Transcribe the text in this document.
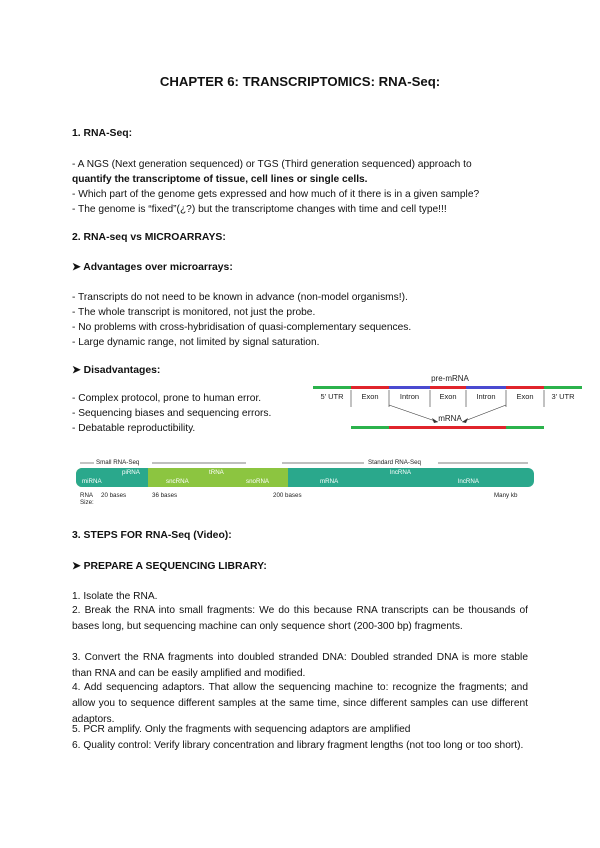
CHAPTER 6: TRANSCRIPTOMICS: RNA-Seq:
1. RNA-Seq:
- A NGS (Next generation sequenced) or TGS (Third generation sequenced) approach to
quantify the transcriptome of tissue, cell lines or single cells.
- Which part of the genome gets expressed and how much of it there is in a given sample?
- The genome is “fixed”(¿?) but the transcriptome changes with time and cell type!!!
2. RNA-seq vs MICROARRAYS:
➤ Advantages over microarrays:
- Transcripts do not need to be known in advance (non-model organisms!).
- The whole transcript is monitored, not just the probe.
- No problems with cross-hybridisation of quasi-complementary sequences.
- Large dynamic range, not limited by signal saturation.
➤ Disadvantages:
- Complex protocol, prone to human error.
- Sequencing biases and sequencing errors.
- Debatable reproductibility.
pre-mRNA
5' UTR	Exon	Intron	Exon	Intron	Exon	3' UTR
mRNA
Small RNA-Seq	Standard RNA-Seq
piRNA
miRNA
tRNA
sncRNA	snoRNA	mRNA
lncRNA
lncRNA
RNA Size:
20 bases	36 bases	200 bases	Many kb
3. STEPS FOR RNA-Seq (Video):
➤ PREPARE A SEQUENCING LIBRARY:
1. Isolate the RNA.
2. Break the RNA into small fragments: We do this because RNA transcripts can be thousands of bases long, but sequencing machine can only sequence short (200-300 bp) fragments.
3. Convert the RNA fragments into doubled stranded DNA: Doubled stranded DNA is more stable than RNA and can be easily amplified and modified.
4. Add sequencing adaptors. That allow the sequencing machine to: recognize the fragments; and allow you to sequence different samples at the same time, since different samples can use different adaptors.
5. PCR amplify. Only the fragments with sequencing adaptors are amplified
6. Quality control: Verify library concentration and library fragment lengths (not too long or too short).
